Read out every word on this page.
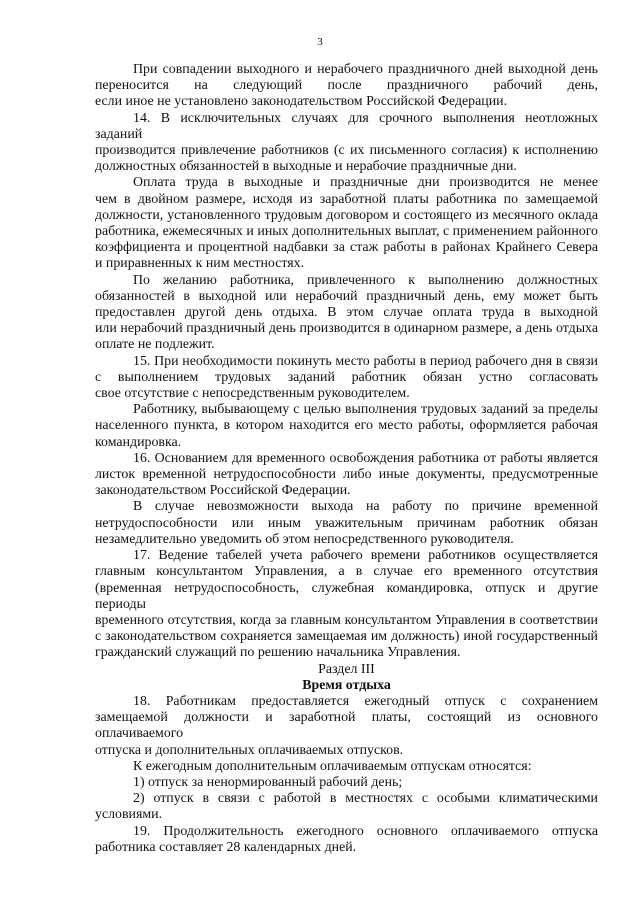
3

При совпадении выходного и нерабочего праздничного дней выходной день
переносится на следующий после праздничного рабочий день,
если иное не установлено законодательством Российской Федерации.

14. В исключительных случаях для срочного выполнения неотложных заданий
производится привлечение работников (с их письменного согласия) к исполнению
должностных обязанностей в выходные и нерабочие праздничные дни.

Оплата труда в выходные и праздничные дни производится не менее
чем в двойном размере, исходя из заработной платы работника по замещаемой
должности, установленного трудовым договором и состоящего из месячного оклада
работника, ежемесячных и иных дополнительных выплат, с применением районного
коэффициента и процентной надбавки за стаж работы в районах Крайнего Севера
и приравненных к ним местностях.

По желанию работника, привлеченного к выполнению должностных
обязанностей в выходной или нерабочий праздничный день, ему может быть
предоставлен другой день отдыха. В этом случае оплата труда в выходной
или нерабочий праздничный день производится в одинарном размере, а день отдыха
оплате не подлежит.

15. При необходимости покинуть место работы в период рабочего дня в связи
с выполнением трудовых заданий работник обязан устно согласовать
свое отсутствие с непосредственным руководителем.

Работнику, выбывающему с целью выполнения трудовых заданий за пределы
населенного пункта, в котором находится его место работы, оформляется рабочая
командировка.

16. Основанием для временного освобождения работника от работы является
листок временной нетрудоспособности либо иные документы, предусмотренные
законодательством Российской Федерации.

В случае невозможности выхода на работу по причине временной
нетрудоспособности или иным уважительным причинам работник обязан
незамедлительно уведомить об этом непосредственного руководителя.

17. Ведение табелей учета рабочего времени работников осуществляется
главным консультантом Управления, а в случае его временного отсутствия
(временная нетрудоспособность, служебная командировка, отпуск и другие периоды
временного отсутствия, когда за главным консультантом Управления в соответствии
с законодательством сохраняется замещаемая им должность) иной государственный
гражданский служащий по решению начальника Управления.

Раздел III

Время отдыха

18. Работникам предоставляется ежегодный отпуск с сохранением
замещаемой должности и заработной платы, состоящий из основного оплачиваемого
отпуска и дополнительных оплачиваемых отпусков.

К ежегодным дополнительным оплачиваемым отпускам относятся:

1) отпуск за ненормированный рабочий день;

2) отпуск в связи с работой в местностях с особыми климатическими
условиями.

19. Продолжительность ежегодного основного оплачиваемого отпуска
работника составляет 28 календарных дней.
